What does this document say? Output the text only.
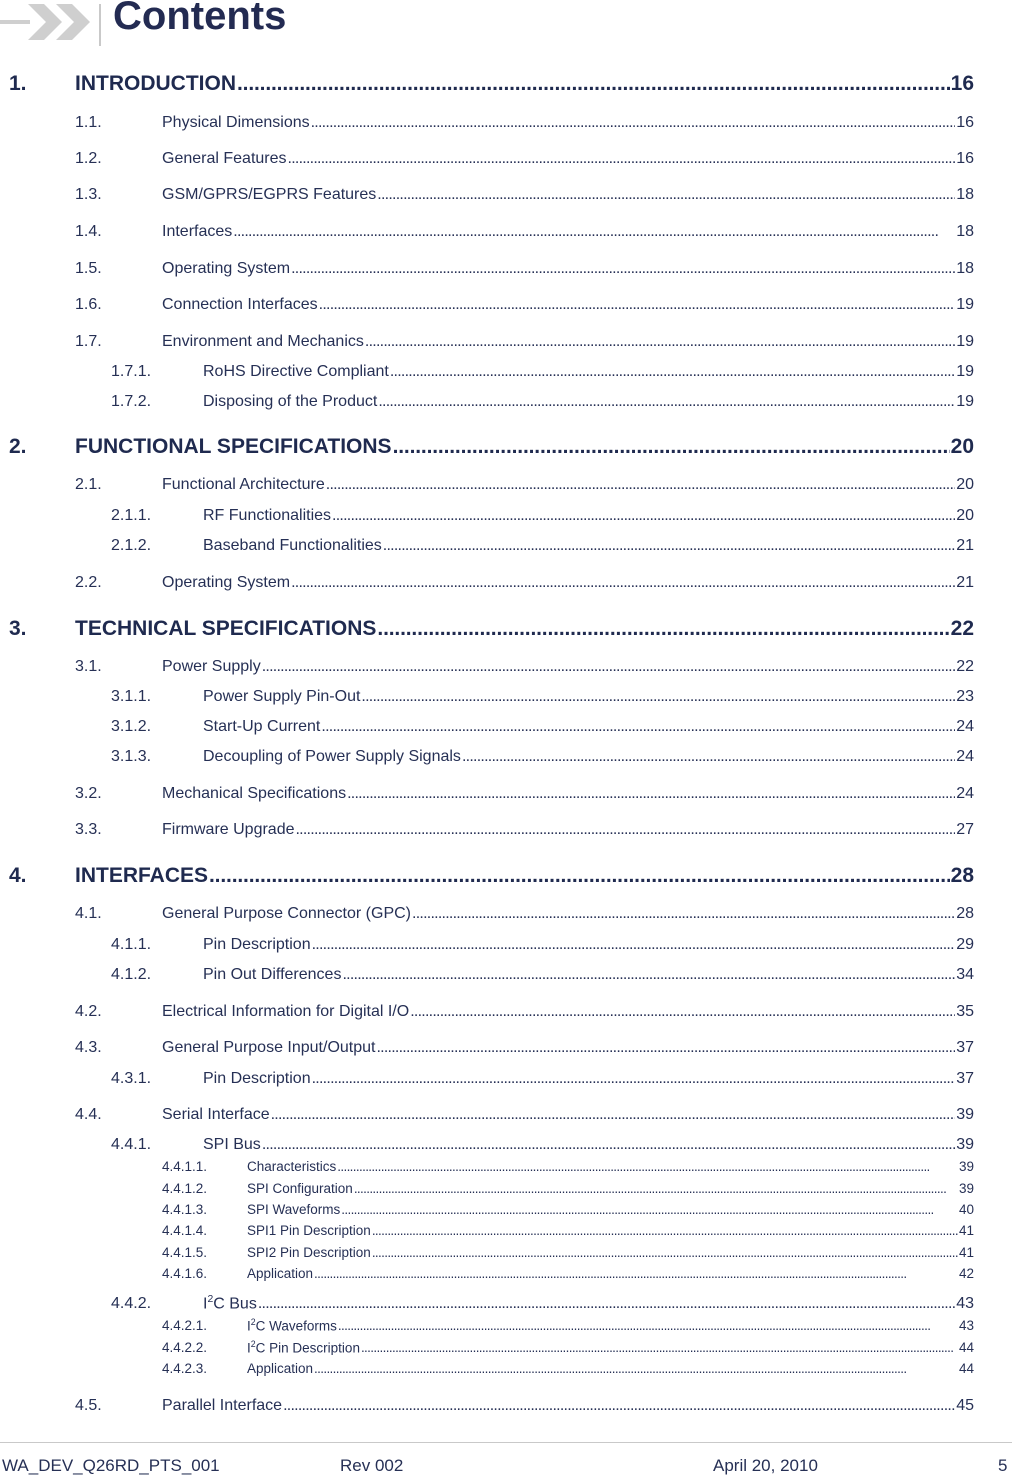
Contents
1.	INTRODUCTION . . .	16
1.1.	Physical Dimensions . . .	16
1.2.	General Features . . .	16
1.3.	GSM/GPRS/EGPRS Features . . .	18
1.4.	Interfaces . . .	18
1.5.	Operating System . . .	18
1.6.	Connection Interfaces . . .	19
1.7.	Environment and Mechanics . . .	19
1.7.1.	RoHS Directive Compliant . . .	19
1.7.2.	Disposing of the Product . . .	19
2.	FUNCTIONAL SPECIFICATIONS . . .	20
2.1.	Functional Architecture . . .	20
2.1.1.	RF Functionalities . . .	20
2.1.2.	Baseband Functionalities . . .	21
2.2.	Operating System . . .	21
3.	TECHNICAL SPECIFICATIONS . . .	22
3.1.	Power Supply . . .	22
3.1.1.	Power Supply Pin-Out . . .	23
3.1.2.	Start-Up Current . . .	24
3.1.3.	Decoupling of Power Supply Signals . . .	24
3.2.	Mechanical Specifications . . .	24
3.3.	Firmware Upgrade . . .	27
4.	INTERFACES . . .	28
4.1.	General Purpose Connector (GPC) . . .	28
4.1.1.	Pin Description . . .	29
4.1.2.	Pin Out Differences . . .	34
4.2.	Electrical Information for Digital I/O . . .	35
4.3.	General Purpose Input/Output . . .	37
4.3.1.	Pin Description . . .	37
4.4.	Serial Interface . . .	39
4.4.1.	SPI Bus . . .	39
4.4.1.1.	Characteristics . . .	39
4.4.1.2.	SPI Configuration . . .	39
4.4.1.3.	SPI Waveforms . . .	40
4.4.1.4.	SPI1 Pin Description . . .	41
4.4.1.5.	SPI2 Pin Description . . .	41
4.4.1.6.	Application . . .	42
4.4.2.	$I^2C$ Bus . . .	43
4.4.2.1.	$I^2C$ Waveforms . . .	43
4.4.2.2.	$I^2C$ Pin Description . . .	44
4.4.2.3.	Application . . .	44
4.5.	Parallel Interface . . .	45
WA_DEV_Q26RD_PTS_001	Rev 002	April 20, 2010	5
